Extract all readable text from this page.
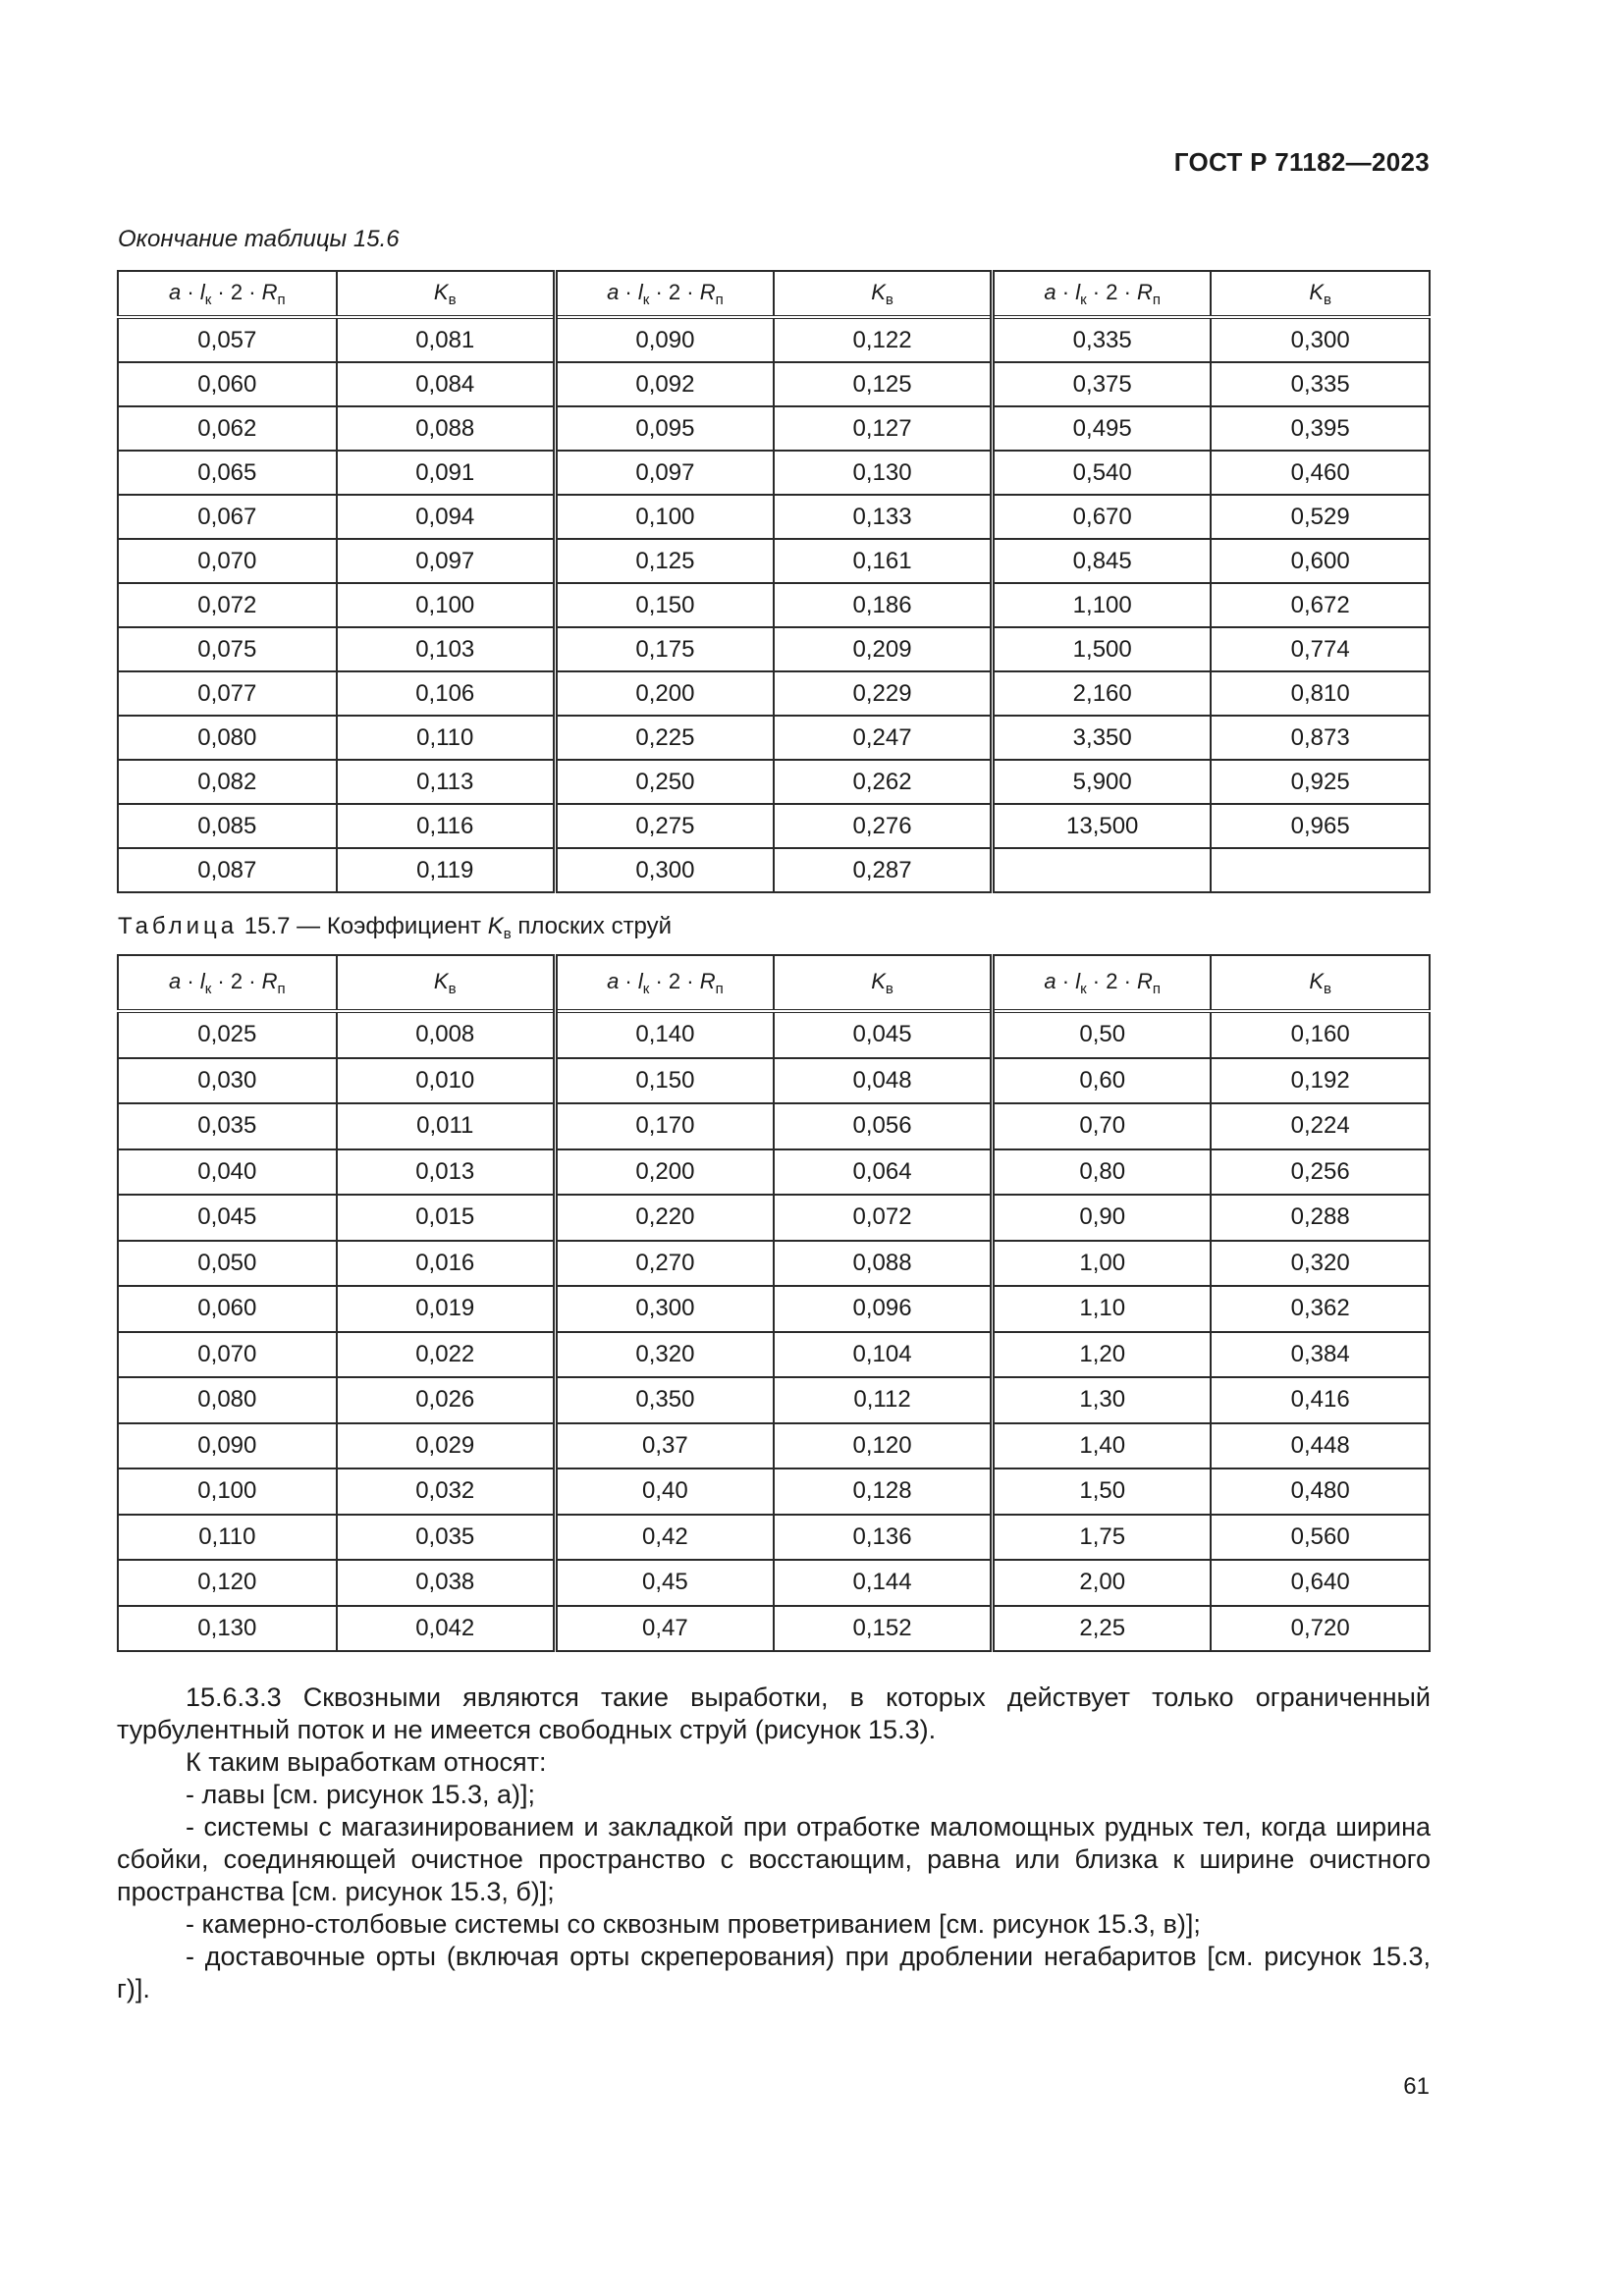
ГОСТ Р 71182—2023
Окончание таблицы 15.6
$a \cdot l_к \cdot 2 \cdot R_п$	$K_в$	$a \cdot l_к \cdot 2 \cdot R_п$	$K_в$	$a \cdot l_к \cdot 2 \cdot R_п$	$K_в$
0,057	0,081	0,090	0,122	0,335	0,300
0,060	0,084	0,092	0,125	0,375	0,335
0,062	0,088	0,095	0,127	0,495	0,395
0,065	0,091	0,097	0,130	0,540	0,460
0,067	0,094	0,100	0,133	0,670	0,529
0,070	0,097	0,125	0,161	0,845	0,600
0,072	0,100	0,150	0,186	1,100	0,672
0,075	0,103	0,175	0,209	1,500	0,774
0,077	0,106	0,200	0,229	2,160	0,810
0,080	0,110	0,225	0,247	3,350	0,873
0,082	0,113	0,250	0,262	5,900	0,925
0,085	0,116	0,275	0,276	13,500	0,965
0,087	0,119	0,300	0,287		
Таблица 15.7 — Коэффициент $K_в$ плоских струй
$a \cdot l_к \cdot 2 \cdot R_п$	$K_в$	$a \cdot l_к \cdot 2 \cdot R_п$	$K_в$	$a \cdot l_к \cdot 2 \cdot R_п$	$K_в$
0,025	0,008	0,140	0,045	0,50	0,160
0,030	0,010	0,150	0,048	0,60	0,192
0,035	0,011	0,170	0,056	0,70	0,224
0,040	0,013	0,200	0,064	0,80	0,256
0,045	0,015	0,220	0,072	0,90	0,288
0,050	0,016	0,270	0,088	1,00	0,320
0,060	0,019	0,300	0,096	1,10	0,362
0,070	0,022	0,320	0,104	1,20	0,384
0,080	0,026	0,350	0,112	1,30	0,416
0,090	0,029	0,37	0,120	1,40	0,448
0,100	0,032	0,40	0,128	1,50	0,480
0,110	0,035	0,42	0,136	1,75	0,560
0,120	0,038	0,45	0,144	2,00	0,640
0,130	0,042	0,47	0,152	2,25	0,720

15.6.3.3 Сквозными являются такие выработки, в которых действует только ограниченный турбулентный поток и не имеется свободных струй (рисунок 15.3).

К таким выработкам относят:

- лавы [см. рисунок 15.3, а)];

- системы с магазинированием и закладкой при отработке маломощных рудных тел, когда ширина сбойки, соединяющей очистное пространство с восстающим, равна или близка к ширине очистного пространства [см. рисунок 15.3, б)];

- камерно-столбовые системы со сквозным проветриванием [см. рисунок 15.3, в)];

- доставочные орты (включая орты скреперования) при дроблении негабаритов [см. рисунок 15.3, г)].

61
